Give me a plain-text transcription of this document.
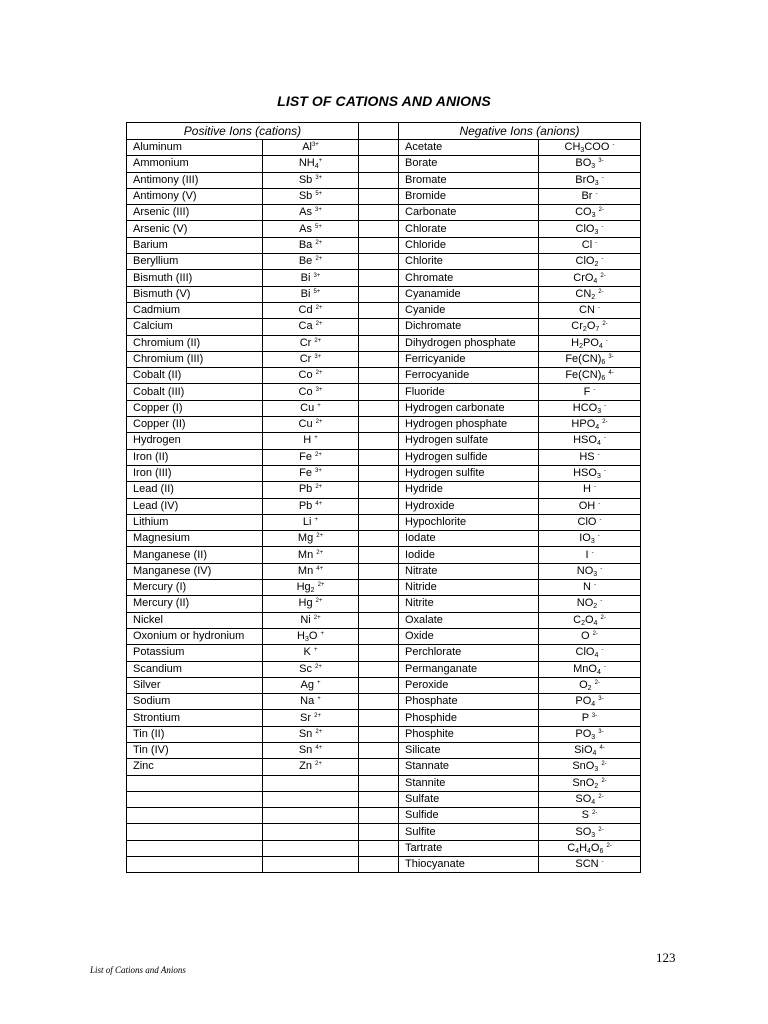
LIST OF CATIONS AND ANIONS
Positive Ions (cations)			Negative Ions (anions)	
Aluminum	$Al^{3+}$		Acetate	$CH_3COO$ -
Ammonium	$NH_4^+$		Borate	$BO_3$ $^{3-}$
Antimony (III)	Sb $^{3+}$		Bromate	BrO$_3$ -
Antimony (V)	Sb $^{5+}$		Bromide	Br -
Arsenic (III)	As $^{3+}$		Carbonate	$CO_3$ $^{2-}$
Arsenic (V)	As $^{5+}$		Chlorate	ClO$_3$ -
Barium	Ba $^{2+}$		Chloride	Cl -
Beryllium	Be $^{2+}$		Chlorite	ClO$_2$ -
Bismuth (III)	Bi $^{3+}$		Chromate	CrO$_4$ $^{2-}$
Bismuth (V)	Bi $^{5+}$		Cyanamide	$CN_2$ $^{2-}$
Cadmium	Cd $^{2+}$		Cyanide	CN -
Calcium	Ca $^{2+}$		Dichromate	$Cr_2O_7$ $^{2-}$
Chromium (II)	Cr $^{2+}$		Dihydrogen phosphate	$H_2PO_4$ -
Chromium (III)	Cr $^{3+}$		Ferricyanide	$Fe(CN)_6$ $^{3-}$
Cobalt (II)	Co $^{2+}$		Ferrocyanide	$Fe(CN)_6$ $^{4-}$
Cobalt (III)	Co $^{3+}$		Fluoride	F -
Copper (I)	Cu +		Hydrogen carbonate	$HCO_3$ -
Copper (II)	Cu $^{2+}$		Hydrogen phosphate	$HPO_4$ $^{2-}$
Hydrogen	H +		Hydrogen sulfate	$HSO_4$ -
Iron (II)	Fe $^{2+}$		Hydrogen sulfide	HS -
Iron (III)	Fe $^{3+}$		Hydrogen sulfite	$HSO_3$ -
Lead (II)	Pb $^{2+}$		Hydride	H -
Lead (IV)	Pb $^{4+}$		Hydroxide	OH -
Lithium	Li +		Hypochlorite	ClO -
Magnesium	Mg $^{2+}$		Iodate	$IO_3$ -
Manganese (II)	Mn $^{2+}$		Iodide	I -
Manganese (IV)	Mn $^{4+}$		Nitrate	$NO_3$ -
Mercury (I)	$Hg_2$ $^{2+}$		Nitride	N -
Mercury (II)	Hg $^{2+}$		Nitrite	$NO_2$ -
Nickel	Ni $^{2+}$		Oxalate	$C_2O_4$ $^{2-}$
Oxonium or hydronium	$H_3O$ +		Oxide	O $^{2-}$
Potassium	K +		Perchlorate	ClO$_4$ -
Scandium	Sc $^{2+}$		Permanganate	MnO$_4$ -
Silver	Ag +		Peroxide	$O_2$ $^{2-}$
Sodium	Na +		Phosphate	$PO_4$ $^{3-}$
Strontium	Sr $^{2+}$		Phosphide	P $^{3-}$
Tin (II)	Sn $^{2+}$		Phosphite	$PO_3$ $^{3-}$
Tin (IV)	Sn $^{4+}$		Silicate	SiO$_4$ $^{4-}$
Zinc	Zn $^{2+}$		Stannate	SnO$_3$ $^{2-}$
			Stannite	SnO$_2$ $^{2-}$
			Sulfate	$SO_4$ $^{2-}$
			Sulfide	S $^{2-}$
			Sulfite	$SO_3$ $^{2-}$
			Tartrate	$C_4H_4O_6$ $^{2-}$
			Thiocyanate	SCN -
123
List of Cations and Anions
